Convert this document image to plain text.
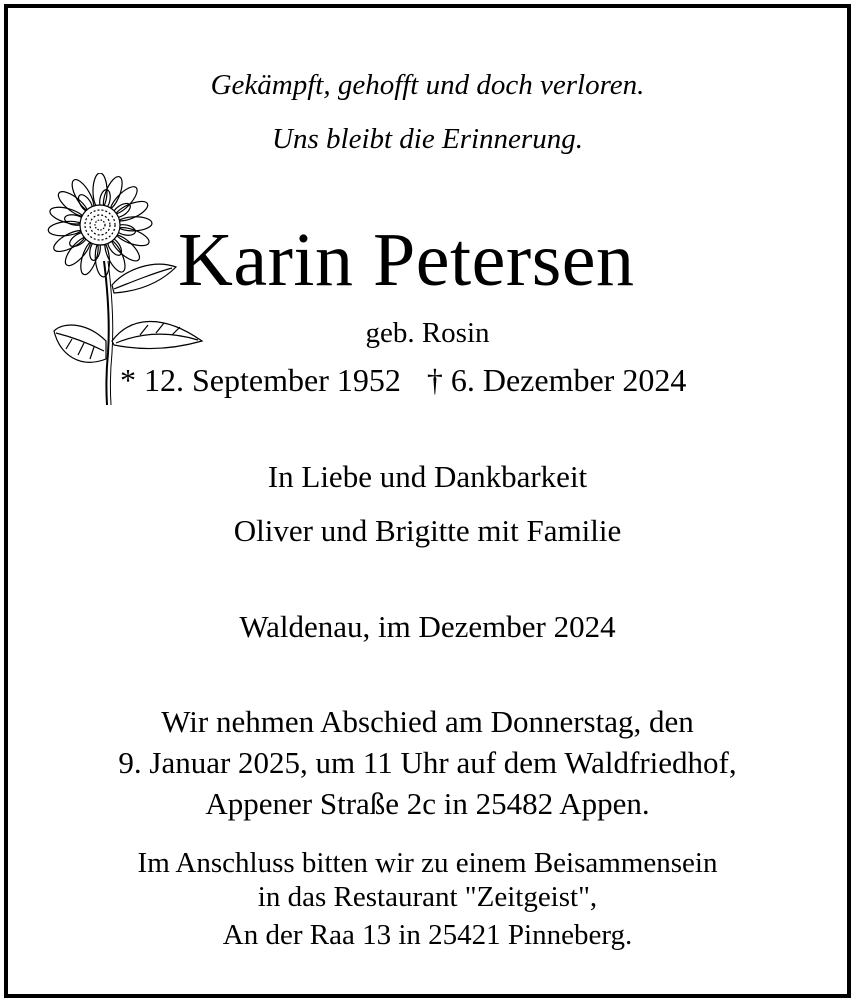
Gekämpft, gehofft und doch verloren.
Uns bleibt die Erinnerung.
Karin Petersen
geb. Rosin
* 12. September 1952 † 6. Dezember 2024
In Liebe und Dankbarkeit
Oliver und Brigitte mit Familie
Waldenau, im Dezember 2024
Wir nehmen Abschied am Donnerstag, den
9. Januar 2025, um 11 Uhr auf dem Waldfriedhof,
Appener Straße 2c in 25482 Appen.
Im Anschluss bitten wir zu einem Beisammensein
in das Restaurant "Zeitgeist",
An der Raa 13 in 25421 Pinneberg.
